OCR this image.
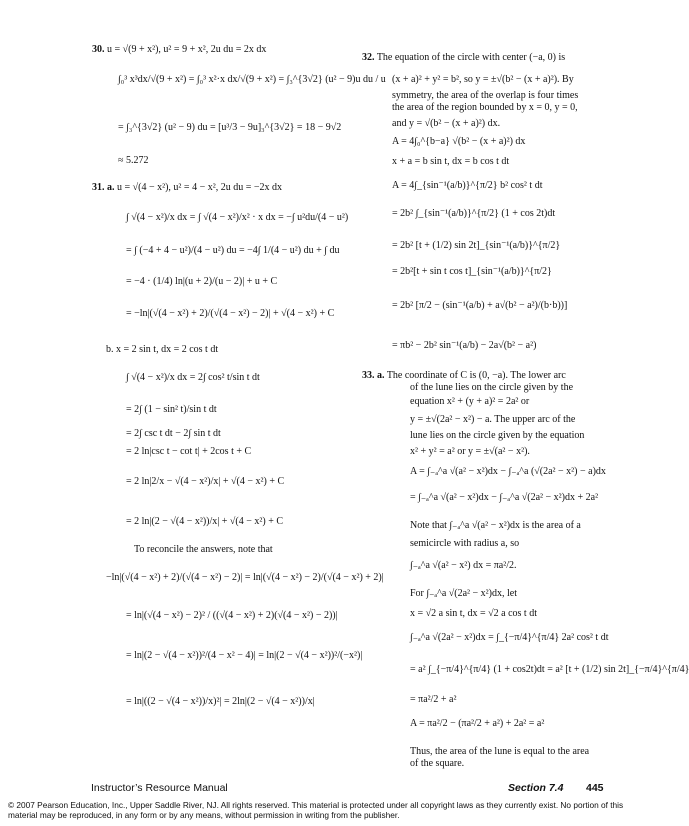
30. u = √(9 + x²), u² = 9 + x², 2u du = 2x dx
∫₀³ x³dx/√(9 + x²) = ∫₀³ x²·x dx/√(9 + x²) = ∫₃^{3√2} (u² − 9)u du / u
= ∫₃^{3√2} (u² − 9) du = [u³/3 − 9u]₃^{3√2} = 18 − 9√2
≈ 5.272
31. a. u = √(4 − x²), u² = 4 − x², 2u du = −2x dx
∫ √(4 − x²)/x dx = ∫ √(4 − x²)/x² · x dx = −∫ u²du/(4 − u²)
= ∫ (−4 + 4 − u²)/(4 − u²) du = −4∫ 1/(4 − u²) du + ∫ du
= −4 · (1/4) ln|(u + 2)/(u − 2)| + u + C
= −ln|(√(4 − x²) + 2)/(√(4 − x²) − 2)| + √(4 − x²) + C
b. x = 2 sin t, dx = 2 cos t dt
∫ √(4 − x²)/x dx = 2∫ cos² t/sin t dt
= 2∫ (1 − sin² t)/sin t dt
= 2∫ csc t dt − 2∫ sin t dt
= 2 ln|csc t − cot t| + 2cos t + C
= 2 ln|2/x − √(4 − x²)/x| + √(4 − x²) + C
= 2 ln|(2 − √(4 − x²))/x| + √(4 − x²) + C
To reconcile the answers, note that
−ln|(√(4 − x²) + 2)/(√(4 − x²) − 2)| = ln|(√(4 − x²) − 2)/(√(4 − x²) + 2)|
= ln|(√(4 − x²) − 2)² / ((√(4 − x²) + 2)(√(4 − x²) − 2))|
= ln|(2 − √(4 − x²))²/(4 − x² − 4)| = ln|(2 − √(4 − x²))²/(−x²)|
= ln|((2 − √(4 − x²))/x)²| = 2ln|(2 − √(4 − x²))/x|
32. The equation of the circle with center (−a, 0) is
(x + a)² + y² = b², so y = ±√(b² − (x + a)²). By
symmetry, the area of the overlap is four times
the area of the region bounded by x = 0, y = 0,
and y = √(b² − (x + a)²) dx.
A = 4∫₀^{b−a} √(b² − (x + a)²) dx
x + a = b sin t, dx = b cos t dt
A = 4∫_{sin⁻¹(a/b)}^{π/2} b² cos² t dt
= 2b² ∫_{sin⁻¹(a/b)}^{π/2} (1 + cos 2t)dt
= 2b² [t + (1/2) sin 2t]_{sin⁻¹(a/b)}^{π/2}
= 2b²[t + sin t cos t]_{sin⁻¹(a/b)}^{π/2}
= 2b² [π/2 − (sin⁻¹(a/b) + a√(b² − a²)/(b·b))]
= πb² − 2b² sin⁻¹(a/b) − 2a√(b² − a²)
33. a. The coordinate of C is (0, −a). The lower arc
of the lune lies on the circle given by the
equation x² + (y + a)² = 2a² or
y = ±√(2a² − x²) − a. The upper arc of the
lune lies on the circle given by the equation
x² + y² = a² or y = ±√(a² − x²).
A = ∫₋ₐ^a √(a² − x²)dx − ∫₋ₐ^a (√(2a² − x²) − a)dx
= ∫₋ₐ^a √(a² − x²)dx − ∫₋ₐ^a √(2a² − x²)dx + 2a²
Note that ∫₋ₐ^a √(a² − x²)dx is the area of a
semicircle with radius a, so
∫₋ₐ^a √(a² − x²) dx = πa²/2.
For ∫₋ₐ^a √(2a² − x²)dx, let
x = √2 a sin t, dx = √2 a cos t dt
∫₋ₐ^a √(2a² − x²)dx = ∫_{−π/4}^{π/4} 2a² cos² t dt
= a² ∫_{−π/4}^{π/4} (1 + cos2t)dt = a² [t + (1/2) sin 2t]_{−π/4}^{π/4}
= πa²/2 + a²
A = πa²/2 − (πa²/2 + a²) + 2a² = a²
Thus, the area of the lune is equal to the area
of the square.
Instructor’s Resource Manual	Section 7.4 445
© 2007 Pearson Education, Inc., Upper Saddle River, NJ. All rights reserved. This material is protected under all copyright laws as they currently exist. No portion of this material may be reproduced, in any form or by any means, without permission in writing from the publisher.
